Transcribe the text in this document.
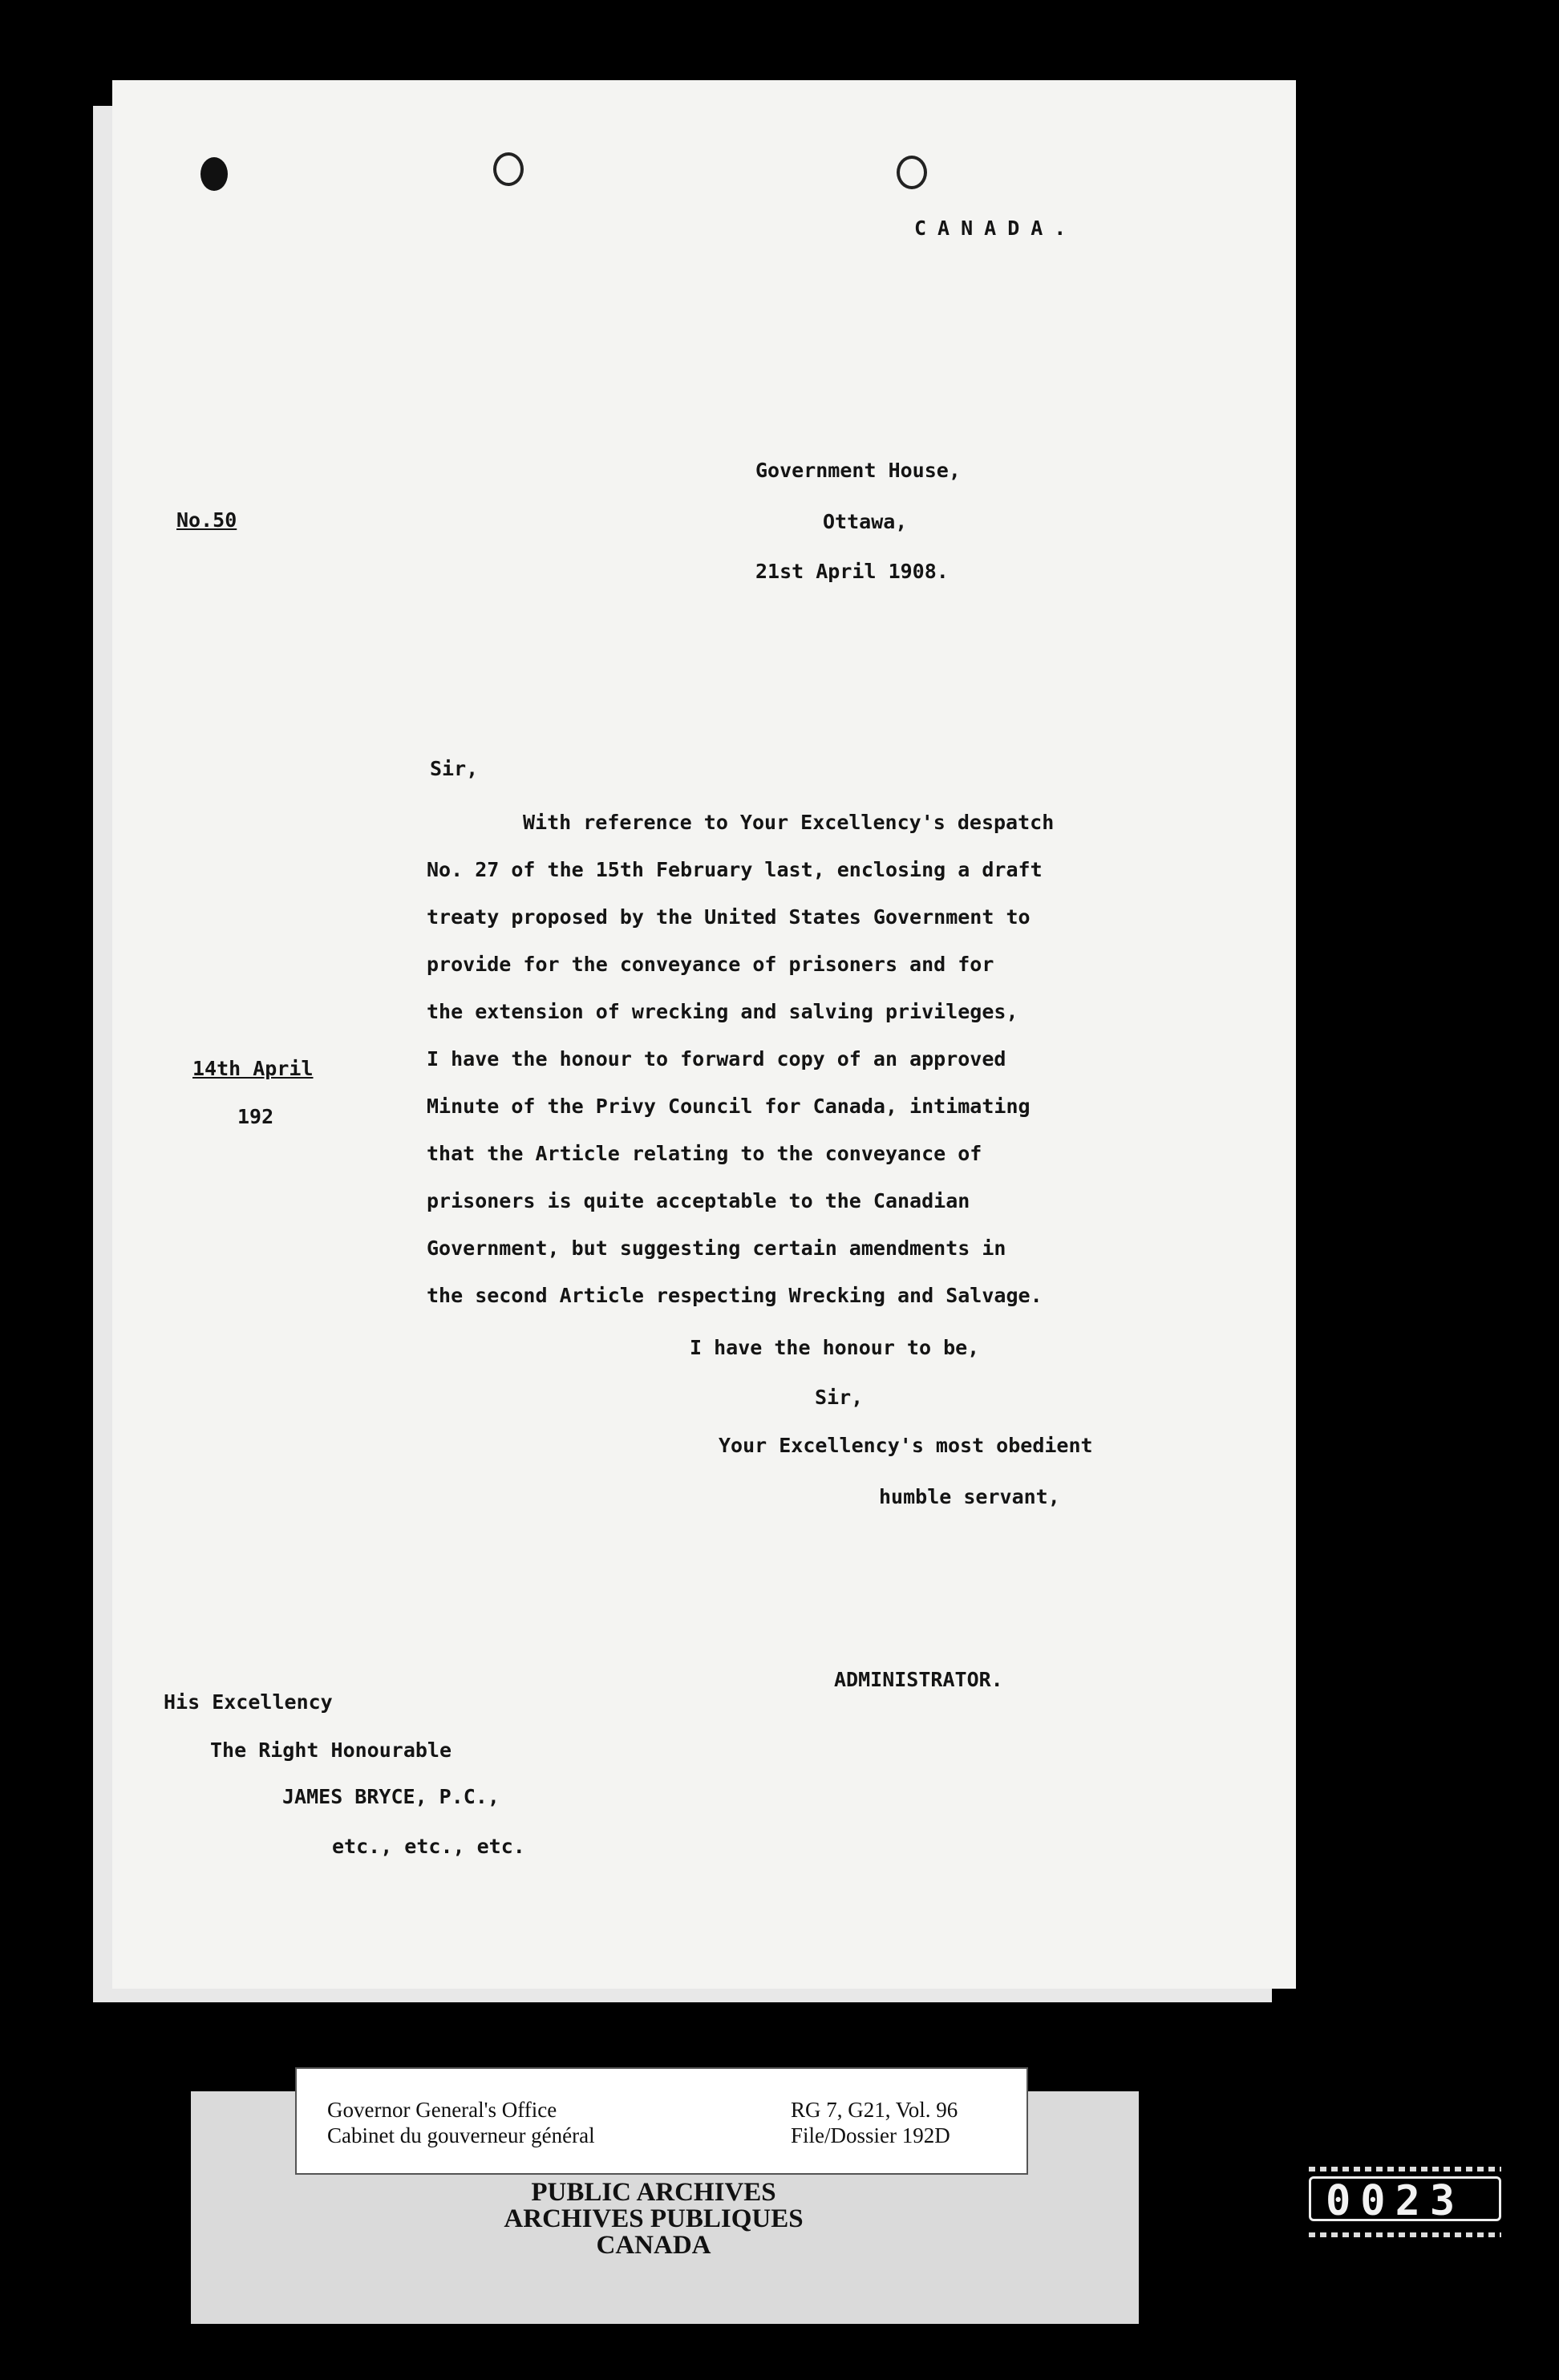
CANADA.
No.50
Government House,
Ottawa,
21st April 1908.
Sir,
With reference to Your Excellency's despatch
No. 27 of the 15th February last, enclosing a draft
treaty proposed by the United States Government to
provide for the conveyance of prisoners and for
the extension of wrecking and salving privileges,
I have the honour to forward copy of an approved
Minute of the Privy Council for Canada, intimating
that the Article relating to the conveyance of
prisoners is quite acceptable to the Canadian
Government, but suggesting certain amendments in
the second Article respecting Wrecking and Salvage.
14th April
192
I have the honour to be,
Sir,
Your Excellency's most obedient
humble servant,
ADMINISTRATOR.
His Excellency
The Right Honourable
JAMES BRYCE, P.C.,
etc., etc., etc.
Governor General's Office
Cabinet du gouverneur général
RG 7, G21, Vol. 96
File/Dossier 192D
PUBLIC ARCHIVES
ARCHIVES PUBLIQUES
CANADA
0023
